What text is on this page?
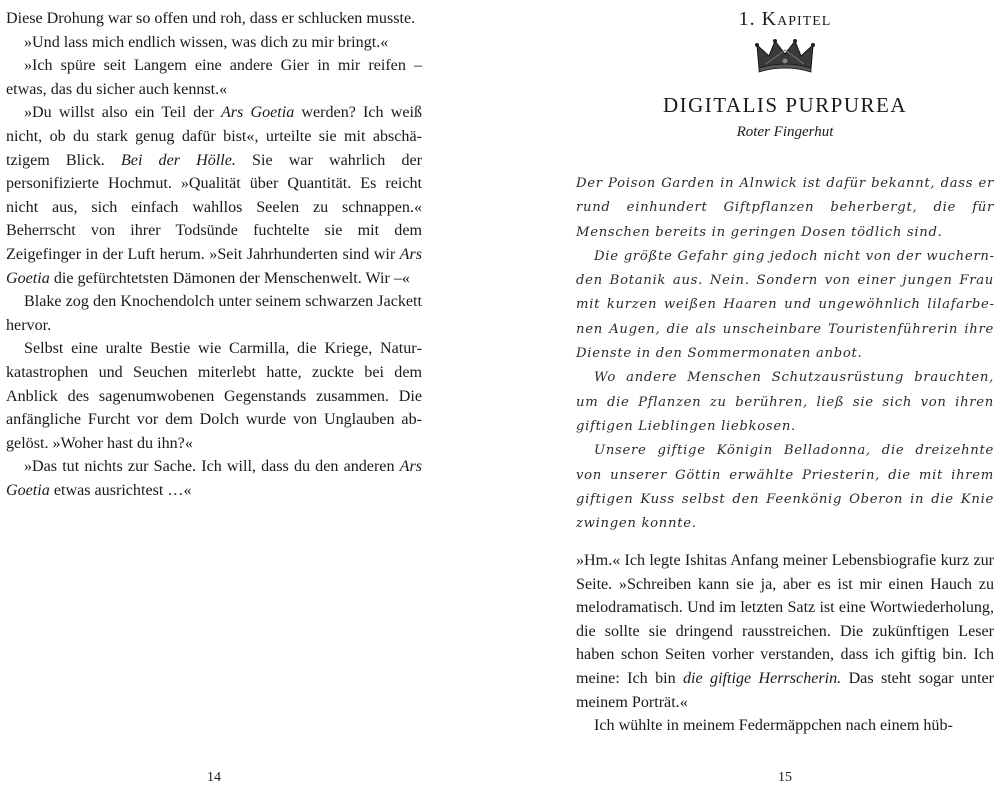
Diese Drohung war so offen und roh, dass er schlucken musste.

»Und lass mich endlich wissen, was dich zu mir bringt.«

»Ich spüre seit Langem eine andere Gier in mir reifen – etwas, das du sicher auch kennst.«

»Du willst also ein Teil der Ars Goetia werden? Ich weiß nicht, ob du stark genug dafür bist«, urteilte sie mit abschätzigem Blick. Bei der Hölle. Sie war wahrlich der personifizierte Hochmut. »Qualität über Quantität. Es reicht nicht aus, sich einfach wahllos Seelen zu schnappen.« Beherrscht von ihrer Todsünde fuchtelte sie mit dem Zeigefinger in der Luft herum. »Seit Jahrhunderten sind wir Ars Goetia die gefürchtetsten Dämonen der Menschenwelt. Wir –«

Blake zog den Knochendolch unter seinem schwarzen Jackett hervor.

Selbst eine uralte Bestie wie Carmilla, die Kriege, Naturkatastrophen und Seuchen miterlebt hatte, zuckte bei dem Anblick des sagenumwobenen Gegenstands zusammen. Die anfängliche Furcht vor dem Dolch wurde von Unglauben abgelöst. »Woher hast du ihn?«

»Das tut nichts zur Sache. Ich will, dass du den anderen Ars Goetia etwas ausrichtest …«

14
1. Kapitel
DIGITALIS PURPUREA
Roter Fingerhut

Der Poison Garden in Alnwick ist dafür bekannt, dass er rund einhundert Giftpflanzen beherbergt, die für Menschen bereits in geringen Dosen tödlich sind.

Die größte Gefahr ging jedoch nicht von der wuchernden Botanik aus. Nein. Sondern von einer jungen Frau mit kurzen weißen Haaren und ungewöhnlich lilafarbenen Augen, die als unscheinbare Touristenführerin ihre Dienste in den Sommermonaten anbot.

Wo andere Menschen Schutzausrüstung brauchten, um die Pflanzen zu berühren, ließ sie sich von ihren giftigen Lieblingen liebkosen.

Unsere giftige Königin Belladonna, die dreizehnte von unserer Göttin erwählte Priesterin, die mit ihrem giftigen Kuss selbst den Feenkönig Oberon in die Knie zwingen konnte.

»Hm.« Ich legte Ishitas Anfang meiner Lebensbiografie kurz zur Seite. »Schreiben kann sie ja, aber es ist mir einen Hauch zu melodramatisch. Und im letzten Satz ist eine Wortwiederholung, die sollte sie dringend rausstreichen. Die zukünftigen Leser haben schon Seiten vorher verstanden, dass ich giftig bin. Ich meine: Ich bin die giftige Herrscherin. Das steht sogar unter meinem Porträt.«

Ich wühlte in meinem Federmäppchen nach einem hüb-

15
